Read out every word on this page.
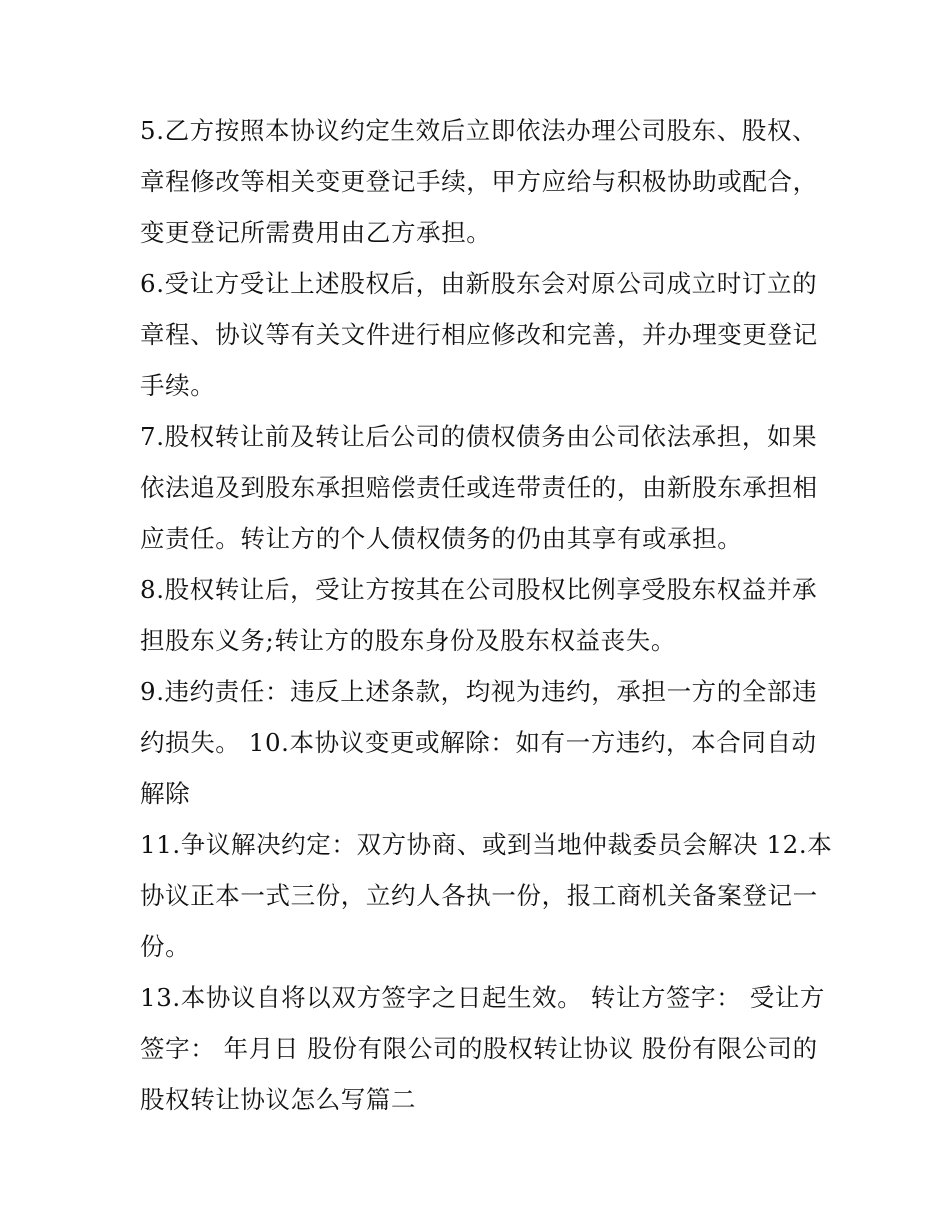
5.乙方按照本协议约定生效后立即依法办理公司股东、股权、
章程修改等相关变更登记手续，甲方应给与积极协助或配合，
变更登记所需费用由乙方承担。

6.受让方受让上述股权后，由新股东会对原公司成立时订立的
章程、协议等有关文件进行相应修改和完善，并办理变更登记
手续。

7.股权转让前及转让后公司的债权债务由公司依法承担，如果
依法追及到股东承担赔偿责任或连带责任的，由新股东承担相
应责任。转让方的个人债权债务的仍由其享有或承担。

8.股权转让后，受让方按其在公司股权比例享受股东权益并承
担股东义务;转让方的股东身份及股东权益丧失。

9.违约责任：违反上述条款，均视为违约，承担一方的全部违
约损失。 10.本协议变更或解除：如有一方违约，本合同自动
解除

11.争议解决约定：双方协商、或到当地仲裁委员会解决 12.本
协议正本一式三份，立约人各执一份，报工商机关备案登记一
份。

13.本协议自将以双方签字之日起生效。 转让方签字： 受让方
签字： 年月日 股份有限公司的股权转让协议 股份有限公司的
股权转让协议怎么写篇二
